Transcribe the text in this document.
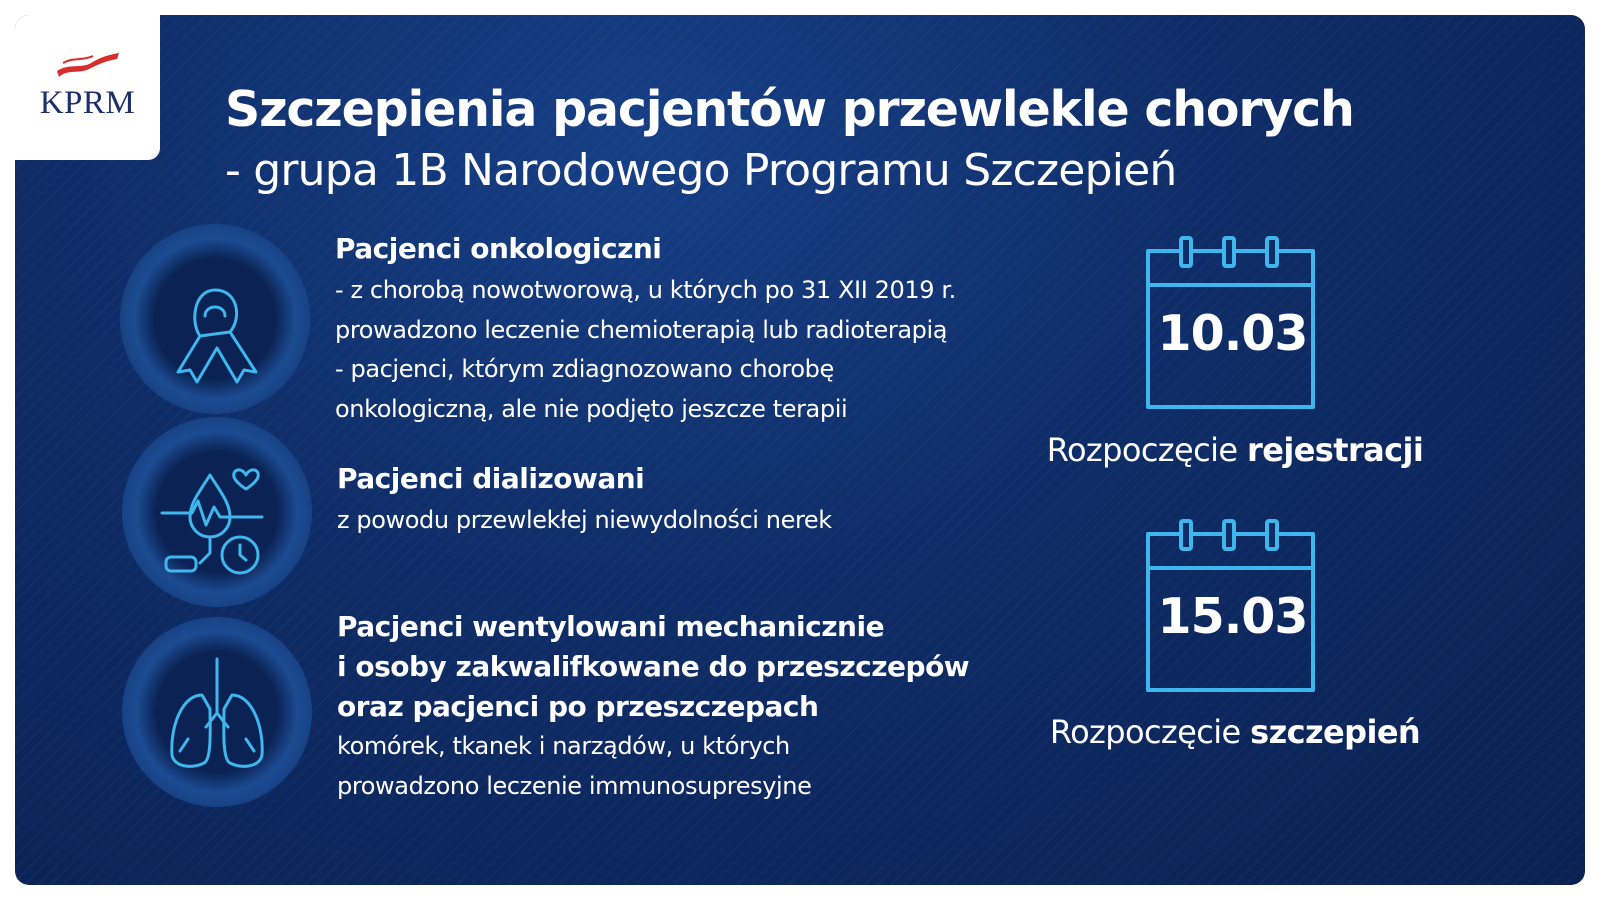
KPRM	Szczepienia pacjentów przewlekle chorych
- grupa 1B Narodowego Programu Szczepień
Pacjenci onkologiczni
- z chorobą nowotworową, u których po 31 XII 2019 r.
prowadzono leczenie chemioterapią lub radioterapią
- pacjenci, którym zdiagnozowano chorobę
onkologiczną, ale nie podjęto jeszcze terapii
Pacjenci dializowani
z powodu przewlekłej niewydolności nerek
Pacjenci wentylowani mechanicznie
i osoby zakwalifkowane do przeszczepów
oraz pacjenci po przeszczepach
komórek, tkanek i narządów, u których
prowadzono leczenie immunosupresyjne
10.03
Rozpoczęcie rejestracji
15.03
Rozpoczęcie szczepień
